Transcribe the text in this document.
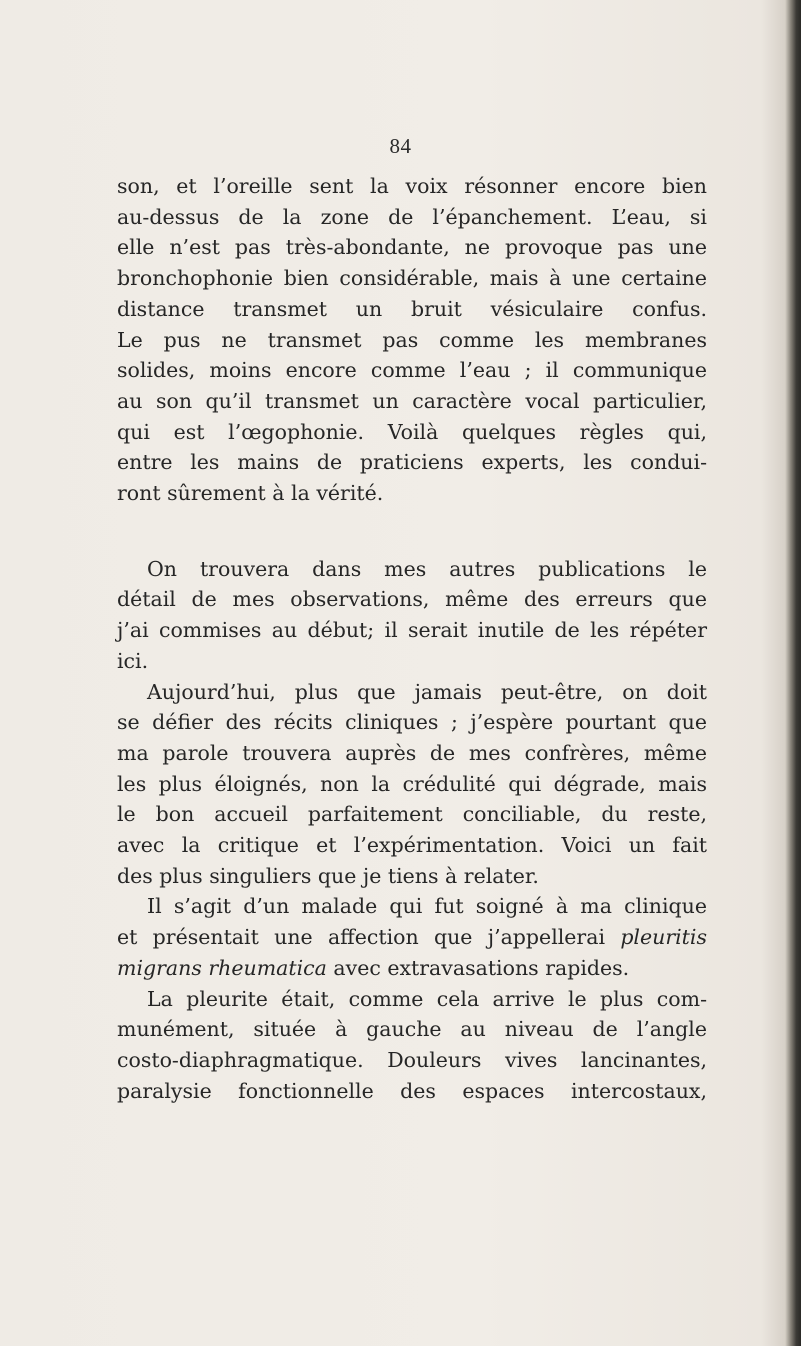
84
son, et l’oreille sent la voix résonner encore bien
au-dessus de la zone de l’épanchement. L’eau, si
elle n’est pas très-abondante, ne provoque pas une
bronchophonie bien considérable, mais à une certaine
distance transmet un bruit vésiculaire confus.
Le pus ne transmet pas comme les membranes
solides, moins encore comme l’eau ; il communique
au son qu’il transmet un caractère vocal particulier,
qui est l’œgophonie. Voilà quelques règles qui,
entre les mains de praticiens experts, les condui-
ront sûrement à la vérité.
On trouvera dans mes autres publications le
détail de mes observations, même des erreurs que
j’ai commises au début; il serait inutile de les répéter
ici.
Aujourd’hui, plus que jamais peut-être, on doit
se défier des récits cliniques ; j’espère pourtant que
ma parole trouvera auprès de mes confrères, même
les plus éloignés, non la crédulité qui dégrade, mais
le bon accueil parfaitement conciliable, du reste,
avec la critique et l’expérimentation. Voici un fait
des plus singuliers que je tiens à relater.
Il s’agit d’un malade qui fut soigné à ma clinique
et présentait une affection que j’appellerai pleuritis
migrans rheumatica avec extravasations rapides.
La pleurite était, comme cela arrive le plus com-
munément, située à gauche au niveau de l’angle
costo-diaphragmatique. Douleurs vives lancinantes,
paralysie fonctionnelle des espaces intercostaux,
